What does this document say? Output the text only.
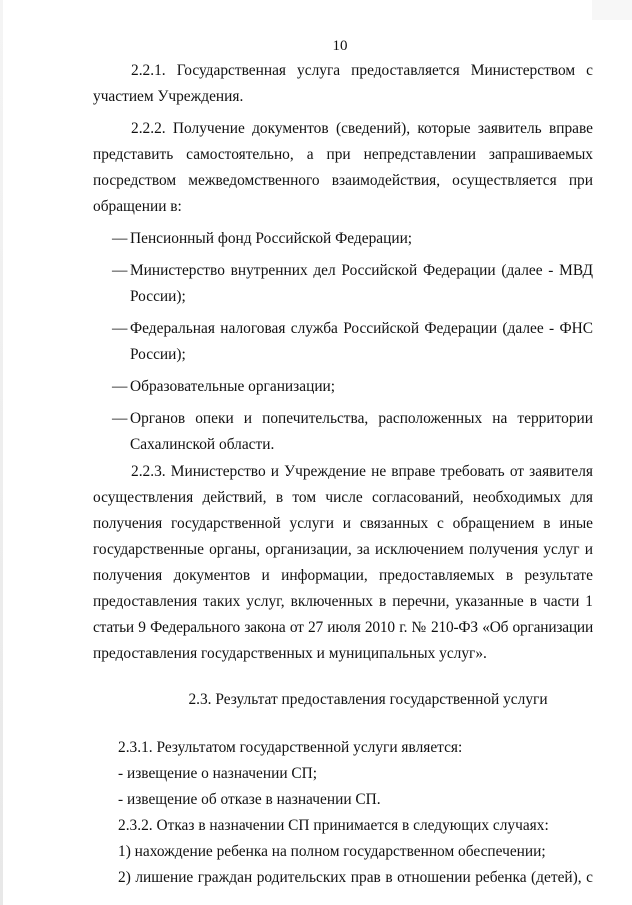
10

2.2.1. Государственная услуга предоставляется Министерством с

участием Учреждения.

2.2.2. Получение документов (сведений), которые заявитель вправе

представить самостоятельно, а при непредставлении запрашиваемых

посредством межведомственного взаимодействия, осуществляется при

обращении в:

— Пенсионный фонд Российской Федерации;
— Министерство внутренних дел Российской Федерации (далее - МВД
России);
— Федеральная налоговая служба Российской Федерации (далее - ФНС
России);
— Образовательные организации;
— Органов опеки и попечительства, расположенных на территории
Сахалинской области.

2.2.3. Министерство и Учреждение не вправе требовать от заявителя

осуществления действий, в том числе согласований, необходимых для

получения государственной услуги и связанных с обращением в иные

государственные органы, организации, за исключением получения услуг и

получения документов и информации, предоставляемых в результате

предоставления таких услуг, включенных в перечни, указанные в части 1

статьи 9 Федерального закона от 27 июля 2010 г. № 210-ФЗ «Об организации

предоставления государственных и муниципальных услуг».

2.3. Результат предоставления государственной услуги

2.3.1. Результатом государственной услуги является:

- извещение о назначении СП;

- извещение об отказе в назначении СП.

2.3.2. Отказ в назначении СП принимается в следующих случаях:

1) нахождение ребенка на полном государственном обеспечении;

2) лишение граждан родительских прав в отношении ребенка (детей), с
